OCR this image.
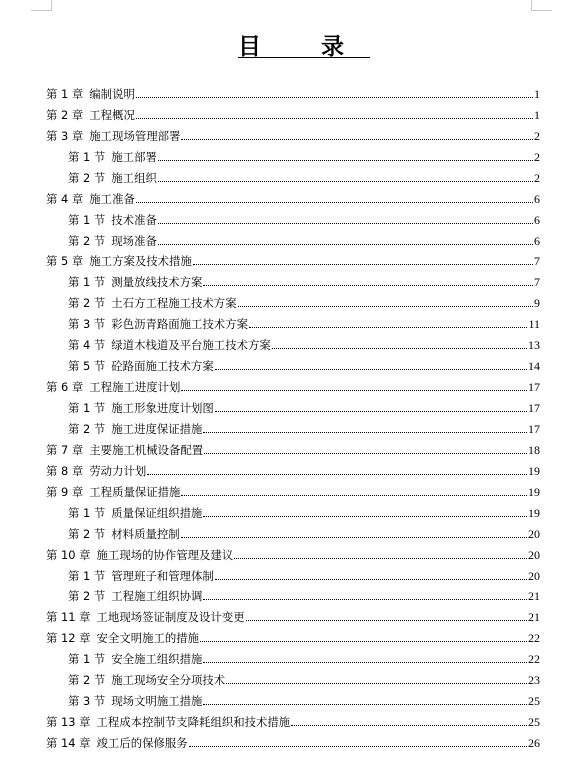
目 录
第 1 章 编制说明	1
第 2 章 工程概况	1
第 3 章 施工现场管理部署	2
第 1 节 施工部署	2
第 2 节 施工组织	2
第 4 章 施工准备	6
第 1 节 技术准备	6
第 2 节 现场准备	6
第 5 章 施工方案及技术措施	7
第 1 节 测量放线技术方案	7
第 2 节 土石方工程施工技术方案	9
第 3 节 彩色沥青路面施工技术方案	11
第 4 节 绿道木栈道及平台施工技术方案	13
第 5 节 砼路面施工技术方案	14
第 6 章 工程施工进度计划	17
第 1 节 施工形象进度计划图	17
第 2 节 施工进度保证措施	17
第 7 章 主要施工机械设备配置	18
第 8 章 劳动力计划	19
第 9 章 工程质量保证措施	19
第 1 节 质量保证组织措施	19
第 2 节 材料质量控制	20
第 10 章 施工现场的协作管理及建议	20
第 1 节 管理班子和管理体制	20
第 2 节 工程施工组织协调	21
第 11 章 工地现场签证制度及设计变更	21
第 12 章 安全文明施工的措施	22
第 1 节 安全施工组织措施	22
第 2 节 施工现场安全分项技术	23
第 3 节 现场文明施工措施	25
第 13 章 工程成本控制节支降耗组织和技术措施	25
第 14 章 竣工后的保修服务	26
